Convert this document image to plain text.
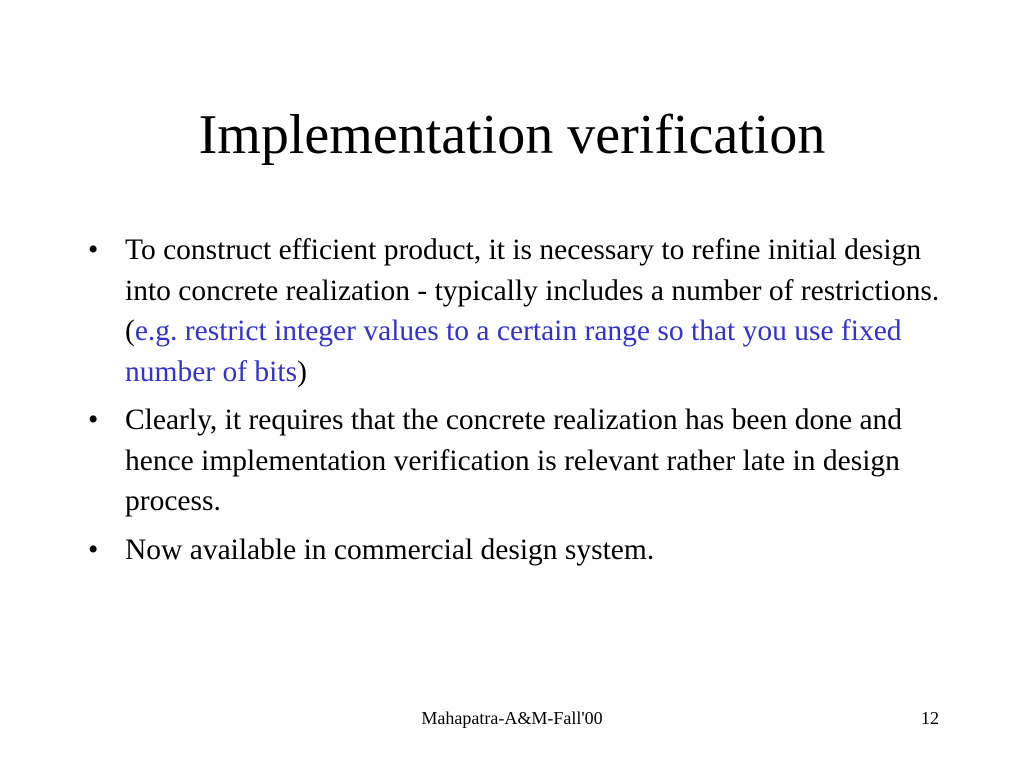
Implementation verification
• To construct efficient product, it is necessary to refine initial design into concrete realization - typically includes a number of restrictions. (e.g. restrict integer values to a certain range so that you use fixed number of bits)
• Clearly, it requires that the concrete realization has been done and hence implementation verification is relevant rather late in design process.
• Now available in commercial design system.
Mahapatra-A&M-Fall'00	12
